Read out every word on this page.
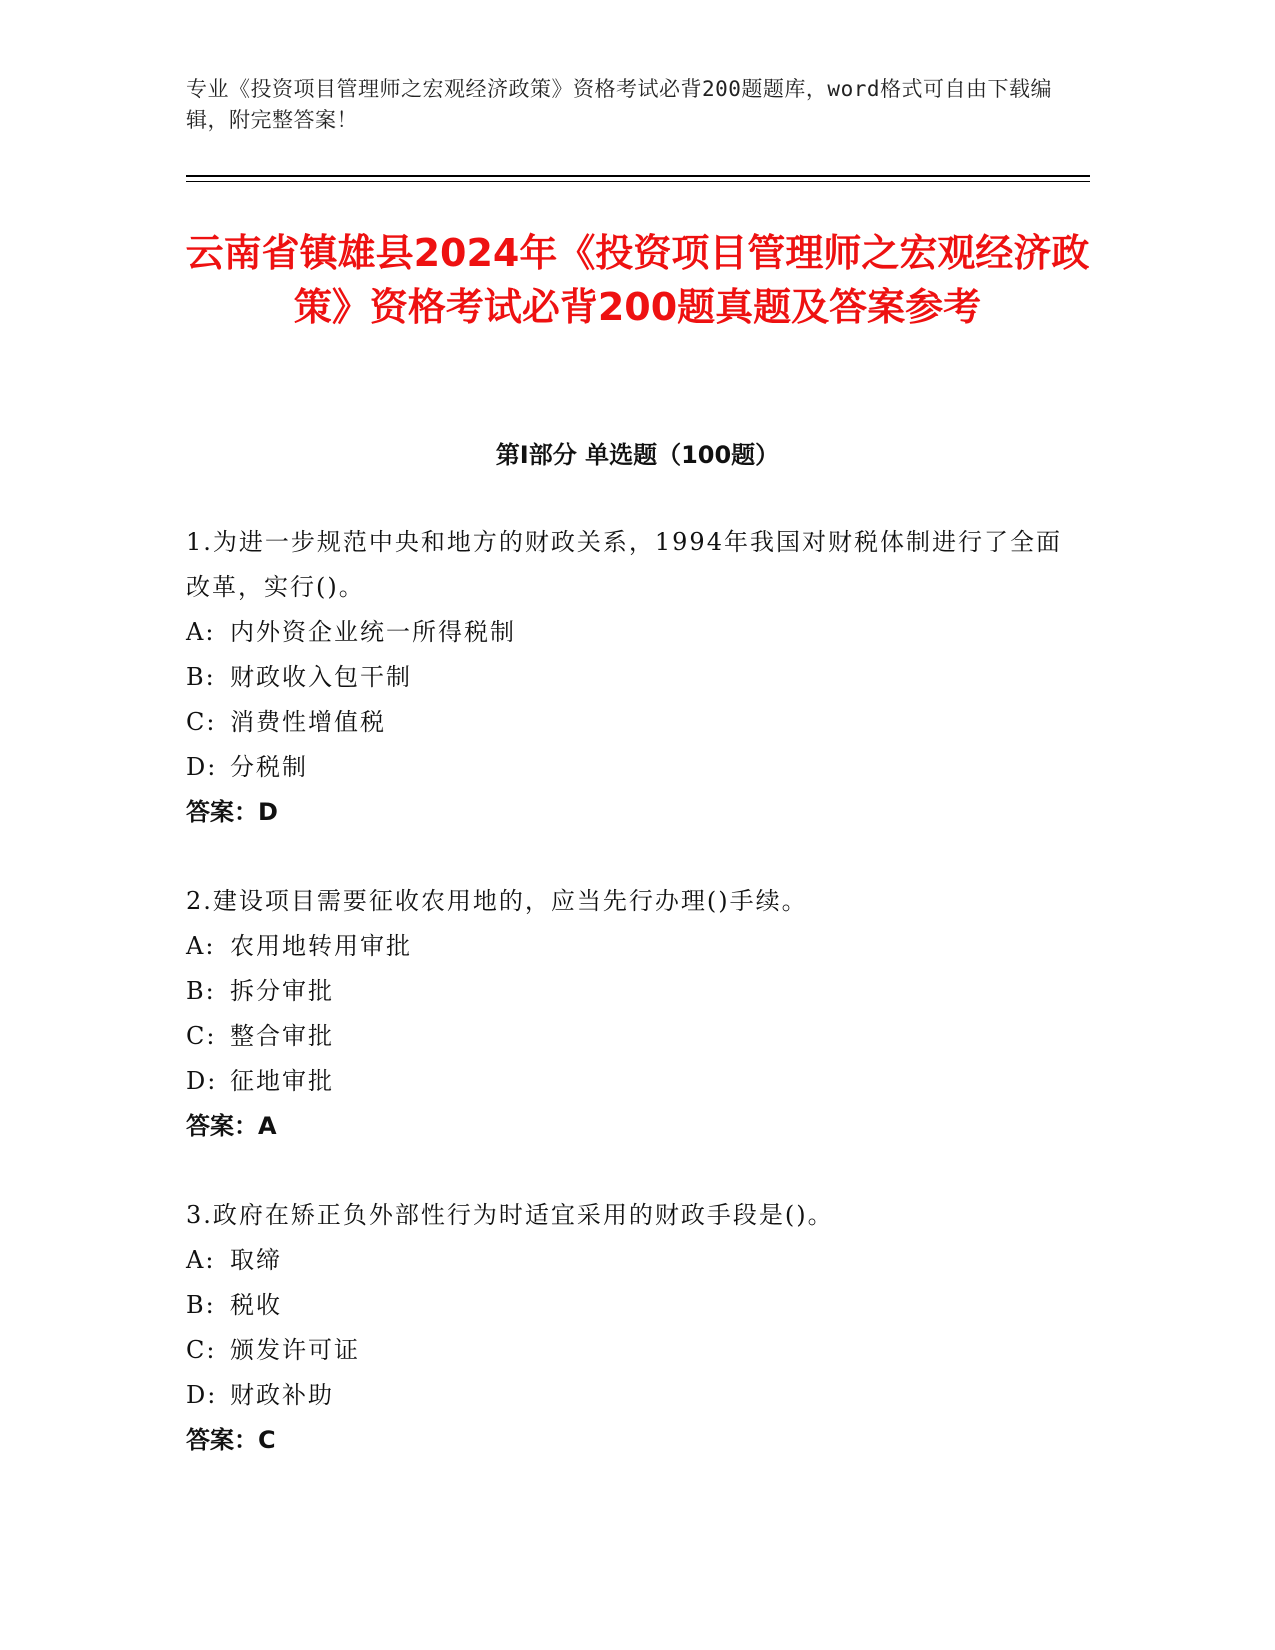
专业《投资项目管理师之宏观经济政策》资格考试必背200题题库，word格式可自由下载编辑，附完整答案！
云南省镇雄县2024年《投资项目管理师之宏观经济政策》资格考试必背200题真题及答案参考
第Ⅰ部分 单选题（100题）
1.为进一步规范中央和地方的财政关系，1994年我国对财税体制进行了全面改革，实行()。
A: 内外资企业统一所得税制
B: 财政收入包干制
C: 消费性增值税
D: 分税制
答案：D
2.建设项目需要征收农用地的，应当先行办理()手续。
A: 农用地转用审批
B: 拆分审批
C: 整合审批
D: 征地审批
答案：A
3.政府在矫正负外部性行为时适宜采用的财政手段是()。
A: 取缔
B: 税收
C: 颁发许可证
D: 财政补助
答案：C
